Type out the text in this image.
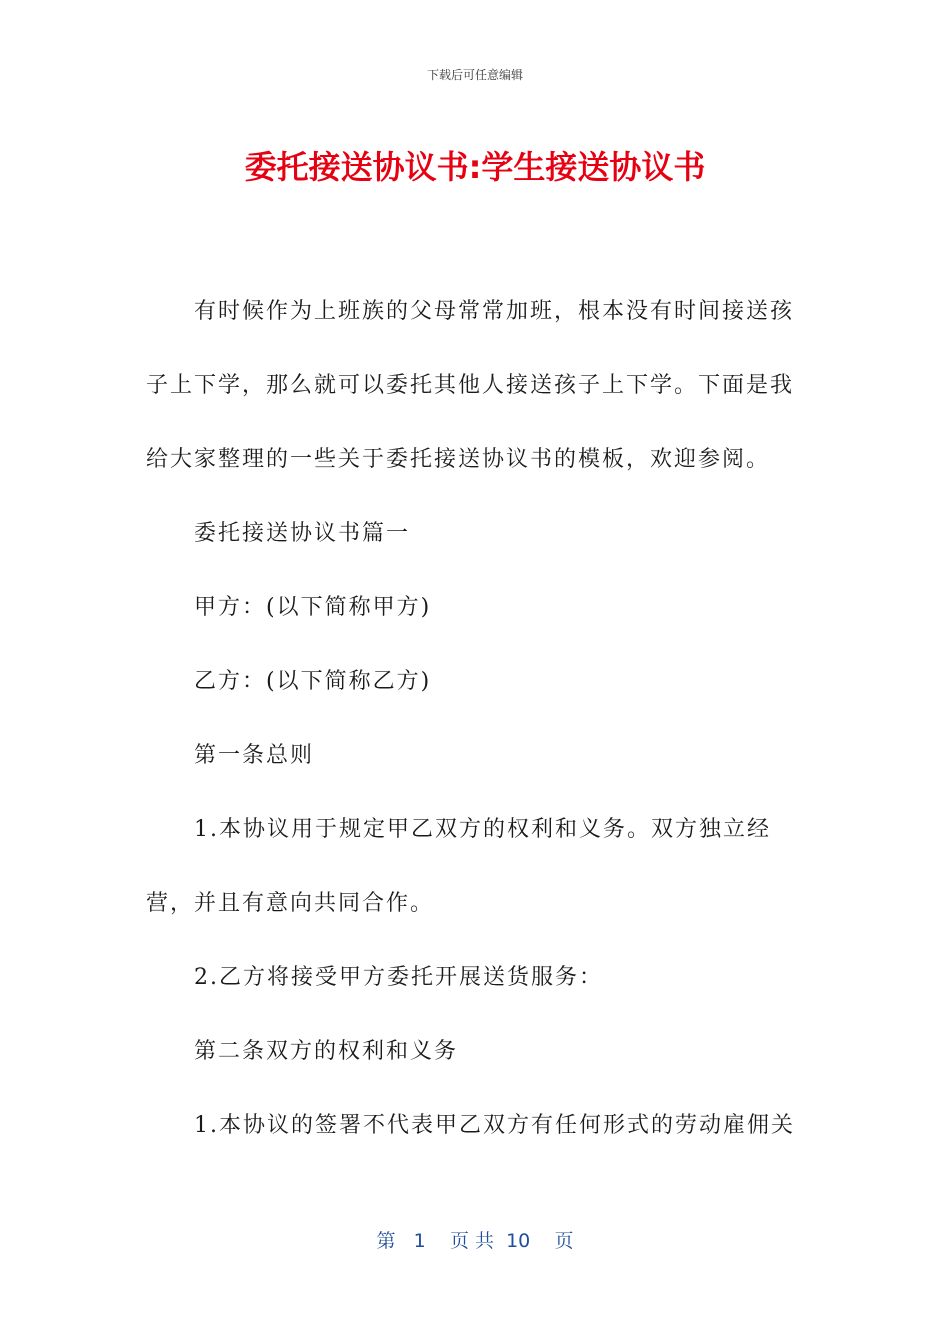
下载后可任意编辑
委托接送协议书:学生接送协议书

有时候作为上班族的父母常常加班，根本没有时间接送孩子上下学，那么就可以委托其他人接送孩子上下学。下面是我给大家整理的一些关于委托接送协议书的模板，欢迎参阅。

委托接送协议书篇一

甲方：(以下简称甲方)

乙方：(以下简称乙方)

第一条总则

1.本协议用于规定甲乙双方的权利和义务。双方独立经营，并且有意向共同合作。

2.乙方将接受甲方委托开展送货服务：

第二条双方的权利和义务

1.本协议的签署不代表甲乙双方有任何形式的劳动雇佣关

第 1 页 共 10 页
